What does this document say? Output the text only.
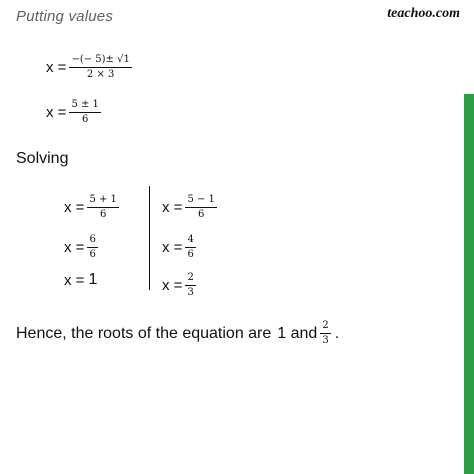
Putting values	teachoo.com
$x = \frac{-(- 5)\pm √1}{2 \times 3}$
$x = \frac{5 \pm 1}{6}$
Solving
$x = \frac{5 + 1}{6}$
$x = \frac{6}{6}$
x = 1
$x = \frac{5 - 1}{6}$
$x = \frac{4}{6}$
$x = \frac{2}{3}$
Hence, the roots of the equation are 1 and $\frac{2}{3}$ .
